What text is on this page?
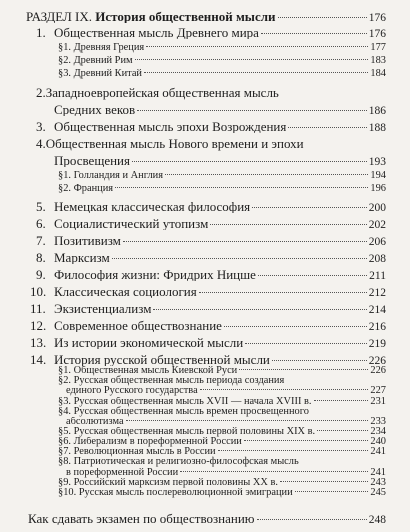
РАЗДЕЛ IX. История общественной мысли	176
1. Общественная мысль Древнего мира	176
§1. Древняя Греция	177
§2. Древний Рим	183
§3. Древний Китай	184
2.Западноевропейская общественная мысль
Средних веков	186
3. Общественная мысль эпохи Возрождения	188
4.Общественная мысль Нового времени и эпохи
Просвещения	193
§1. Голландия и Англия	194
§2. Франция	196
5. Немецкая классическая философия	200
6. Социалистический утопизм	202
7. Позитивизм	206
8. Марксизм	208
9. Философия жизни: Фридрих Ницше	211
10. Классическая социология	212
11. Экзистенциализм	214
12. Современное обществознание	216
13. Из истории экономической мысли	219
14. История русской общественной мысли	226
§1. Общественная мысль Киевской Руси	226
§2. Русская общественная мысль периода создания
единого Русского государства	227
§3. Русская общественная мысль XVII — начала XVIII в.	231
§4. Русская общественная мысль времен просвещенного
абсолютизма	233
§5. Русская общественная мысль первой половины XIX в.	234
§6. Либерализм в пореформенной России	240
§7. Революционная мысль в России	241
§8. Патриотическая и религиозно-философская мысль
в пореформенной России	241
§9. Российский марксизм первой половины XX в.	243
§10. Русская мысль послереволюционной эмиграции	245
Как сдавать экзамен по обществознанию	248
